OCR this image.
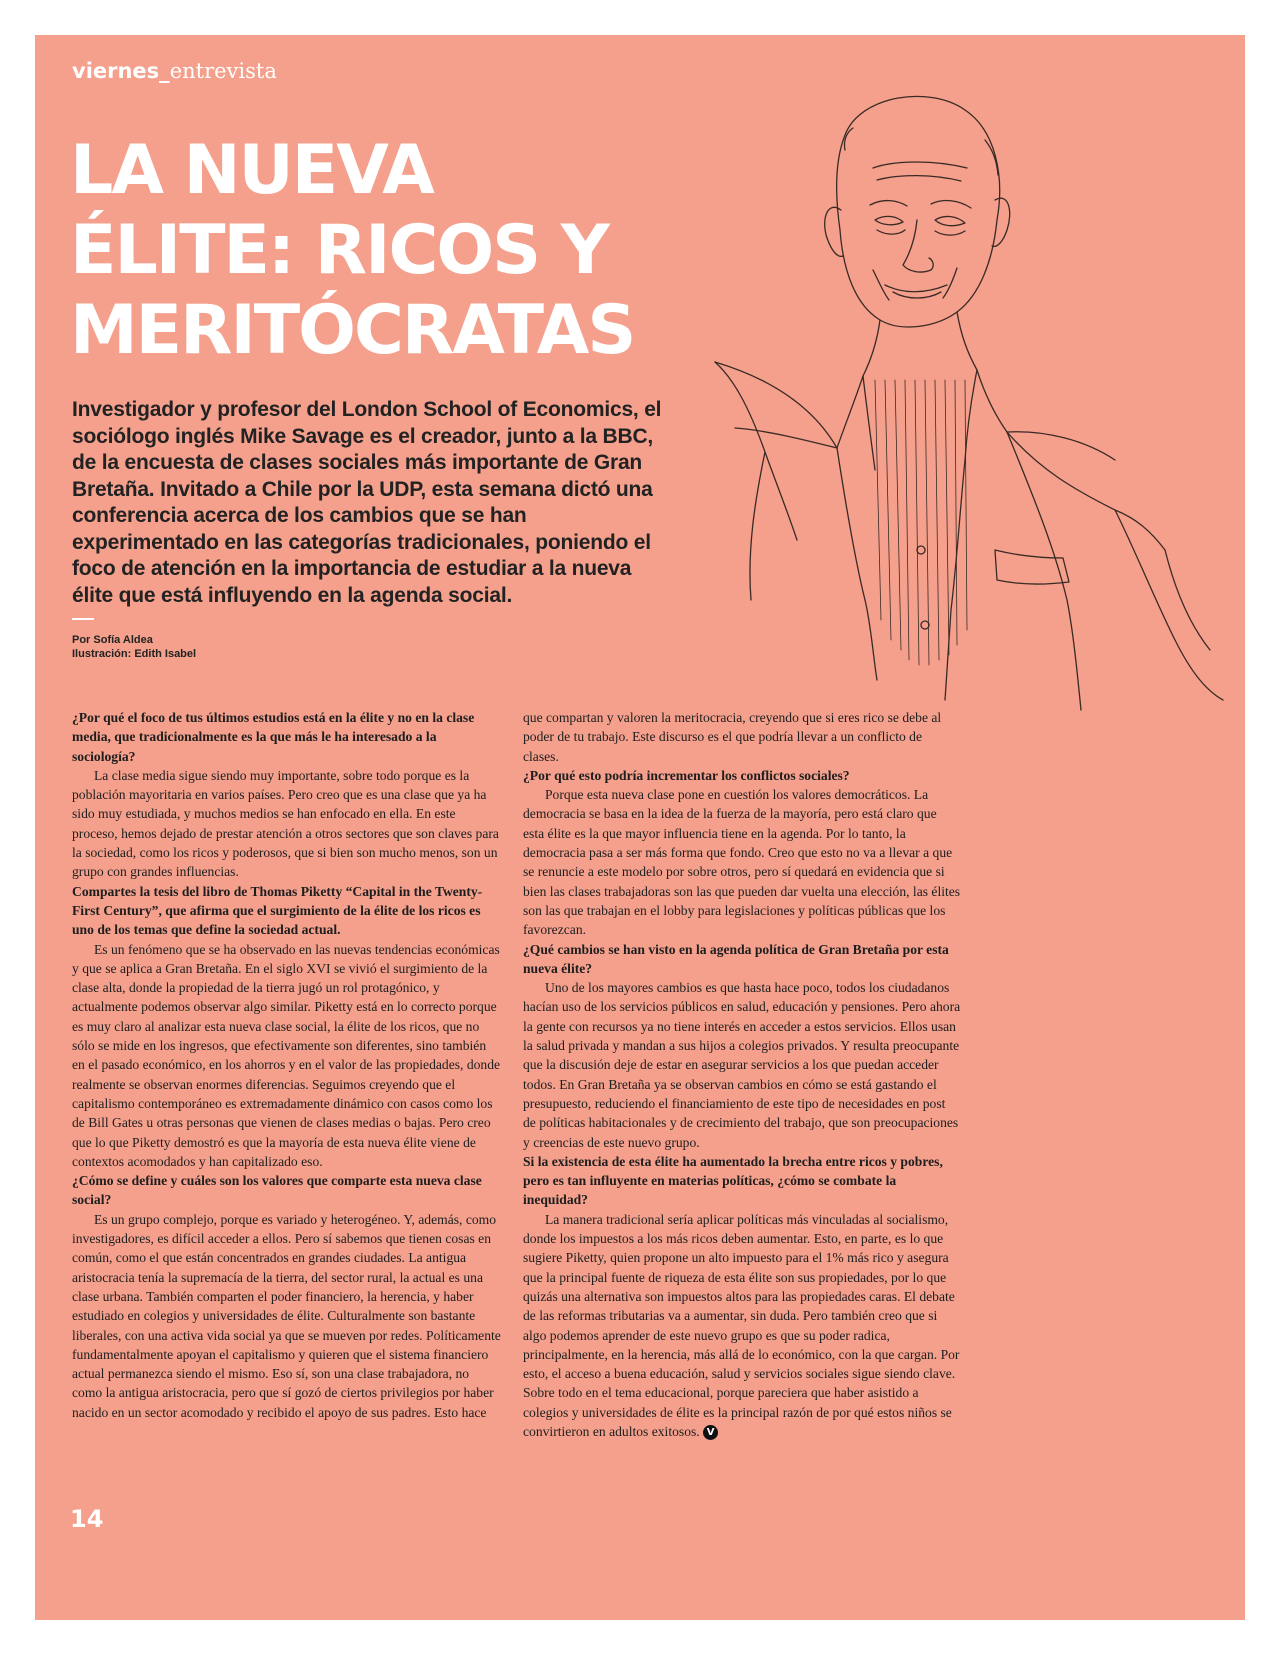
viernes_entrevista
LA NUEVA
ÉLITE: RICOS Y
MERITÓCRATAS

Investigador y profesor del London School of Economics, el sociólogo inglés Mike Savage es el creador, junto a la BBC, de la encuesta de clases sociales más importante de Gran Bretaña. Invitado a Chile por la UDP, esta semana dictó una conferencia acerca de los cambios que se han experimentado en las categorías tradicionales, poniendo el foco de atención en la importancia de estudiar a la nueva élite que está influyendo en la agenda social.

Por Sofía Aldea
Ilustración: Edith Isabel

¿Por qué el foco de tus últimos estudios está en la élite y no en la clase media, que tradicionalmente es la que más le ha interesado a la sociología?

La clase media sigue siendo muy importante, sobre todo porque es la población mayoritaria en varios países. Pero creo que es una clase que ya ha sido muy estudiada, y muchos medios se han enfocado en ella. En este proceso, hemos dejado de prestar atención a otros sectores que son claves para la sociedad, como los ricos y poderosos, que si bien son mucho menos, son un grupo con grandes influencias.

Compartes la tesis del libro de Thomas Piketty “Capital in the Twenty-First Century”, que afirma que el surgimiento de la élite de los ricos es uno de los temas que define la sociedad actual.

Es un fenómeno que se ha observado en las nuevas tendencias económicas y que se aplica a Gran Bretaña. En el siglo XVI se vivió el surgimiento de la clase alta, donde la propiedad de la tierra jugó un rol protagónico, y actualmente podemos observar algo similar. Piketty está en lo correcto porque es muy claro al analizar esta nueva clase social, la élite de los ricos, que no sólo se mide en los ingresos, que efectivamente son diferentes, sino también en el pasado económico, en los ahorros y en el valor de las propiedades, donde realmente se observan enormes diferencias. Seguimos creyendo que el capitalismo contemporáneo es extremadamente dinámico con casos como los de Bill Gates u otras personas que vienen de clases medias o bajas. Pero creo que lo que Piketty demostró es que la mayoría de esta nueva élite viene de contextos acomodados y han capitalizado eso.

¿Cómo se define y cuáles son los valores que comparte esta nueva clase social?

Es un grupo complejo, porque es variado y heterogéneo. Y, además, como investigadores, es difícil acceder a ellos. Pero sí sabemos que tienen cosas en común, como el que están concentrados en grandes ciudades. La antigua aristocracia tenía la supremacía de la tierra, del sector rural, la actual es una clase urbana. También comparten el poder financiero, la herencia, y haber estudiado en colegios y universidades de élite. Culturalmente son bastante liberales, con una activa vida social ya que se mueven por redes. Políticamente fundamentalmente apoyan el capitalismo y quieren que el sistema financiero actual permanezca siendo el mismo. Eso sí, son una clase trabajadora, no como la antigua aristocracia, pero que sí gozó de ciertos privilegios por haber nacido en un sector acomodado y recibido el apoyo de sus padres. Esto hace

que compartan y valoren la meritocracia, creyendo que si eres rico se debe al poder de tu trabajo. Este discurso es el que podría llevar a un conflicto de clases.

¿Por qué esto podría incrementar los conflictos sociales?

Porque esta nueva clase pone en cuestión los valores democráticos. La democracia se basa en la idea de la fuerza de la mayoría, pero está claro que esta élite es la que mayor influencia tiene en la agenda. Por lo tanto, la democracia pasa a ser más forma que fondo. Creo que esto no va a llevar a que se renuncie a este modelo por sobre otros, pero sí quedará en evidencia que si bien las clases trabajadoras son las que pueden dar vuelta una elección, las élites son las que trabajan en el lobby para legislaciones y políticas públicas que los favorezcan.

¿Qué cambios se han visto en la agenda política de Gran Bretaña por esta nueva élite?

Uno de los mayores cambios es que hasta hace poco, todos los ciudadanos hacían uso de los servicios públicos en salud, educación y pensiones. Pero ahora la gente con recursos ya no tiene interés en acceder a estos servicios. Ellos usan la salud privada y mandan a sus hijos a colegios privados. Y resulta preocupante que la discusión deje de estar en asegurar servicios a los que puedan acceder todos. En Gran Bretaña ya se observan cambios en cómo se está gastando el presupuesto, reduciendo el financiamiento de este tipo de necesidades en post de políticas habitacionales y de crecimiento del trabajo, que son preocupaciones y creencias de este nuevo grupo.

Si la existencia de esta élite ha aumentado la brecha entre ricos y pobres, pero es tan influyente en materias políticas, ¿cómo se combate la inequidad?

La manera tradicional sería aplicar políticas más vinculadas al socialismo, donde los impuestos a los más ricos deben aumentar. Esto, en parte, es lo que sugiere Piketty, quien propone un alto impuesto para el 1% más rico y asegura que la principal fuente de riqueza de esta élite son sus propiedades, por lo que quizás una alternativa son impuestos altos para las propiedades caras. El debate de las reformas tributarias va a aumentar, sin duda. Pero también creo que si algo podemos aprender de este nuevo grupo es que su poder radica, principalmente, en la herencia, más allá de lo económico, con la que cargan. Por esto, el acceso a buena educación, salud y servicios sociales sigue siendo clave. Sobre todo en el tema educacional, porque pareciera que haber asistido a colegios y universidades de élite es la principal razón de por qué estos niños se convirtieron en adultos exitosos. V

14
